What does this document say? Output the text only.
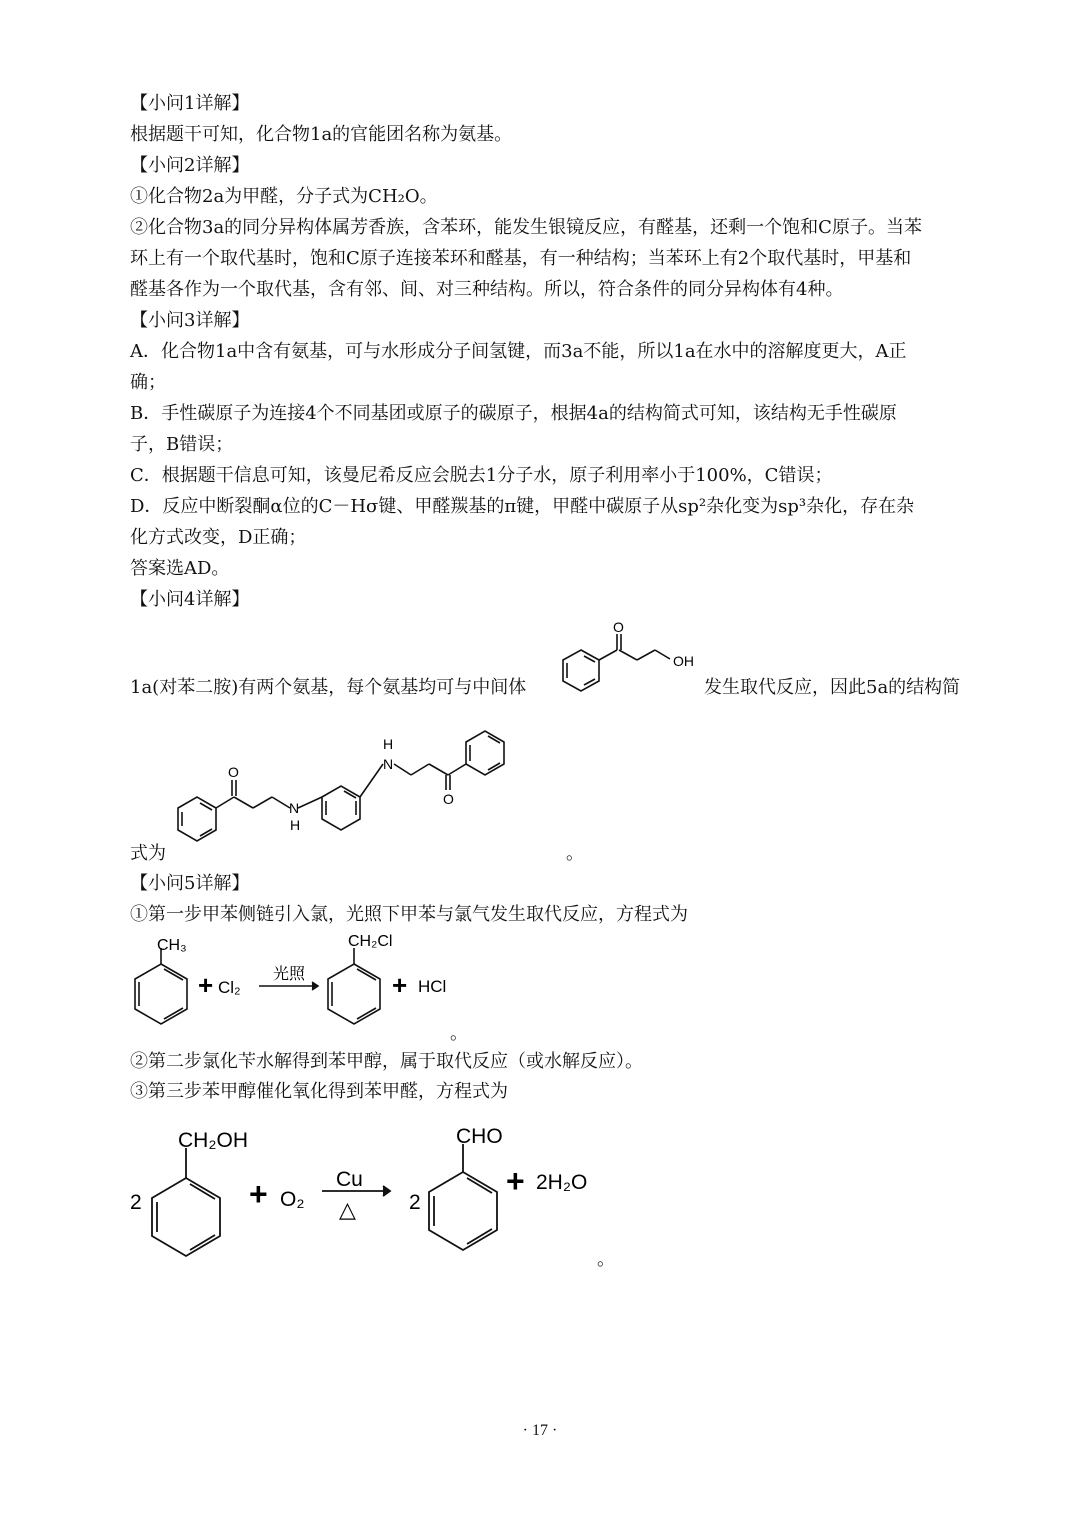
【小问1详解】
根据题干可知，化合物1a的官能团名称为氨基。
【小问2详解】
①化合物2a为甲醛，分子式为CH₂O。
②化合物3a的同分异构体属芳香族，含苯环，能发生银镜反应，有醛基，还剩一个饱和C原子。当苯
环上有一个取代基时，饱和C原子连接苯环和醛基，有一种结构；当苯环上有2个取代基时，甲基和
醛基各作为一个取代基，含有邻、间、对三种结构。所以，符合条件的同分异构体有4种。
【小问3详解】
A．化合物1a中含有氨基，可与水形成分子间氢键，而3a不能，所以1a在水中的溶解度更大，A正
确；
B．手性碳原子为连接4个不同基团或原子的碳原子，根据4a的结构简式可知，该结构无手性碳原
子，B错误；
C．根据题干信息可知，该曼尼希反应会脱去1分子水，原子利用率小于100%，C错误；
D．反应中断裂酮α位的C－Hσ键、甲醛羰基的π键，甲醛中碳原子从sp²杂化变为sp³杂化，存在杂
化方式改变，D正确；
答案选AD。
【小问4详解】
1a(对苯二胺)有两个氨基，每个氨基均可与中间体	发生取代反应，因此5a的结构简
O
OH
式为	。
O
N
H
N
H
O
【小问5详解】
①第一步甲苯侧链引入氯，光照下甲苯与氯气发生取代反应，方程式为
CH₃
+ Cl₂
光照
CH₂Cl
+ HCl
。
②第二步氯化苄水解得到苯甲醇，属于取代反应（或水解反应）。
③第三步苯甲醇催化氧化得到苯甲醛，方程式为
CH₂OH
2	+ O₂
Cu
△	2
CHO
+ 2H₂O
。
· 17 ·
